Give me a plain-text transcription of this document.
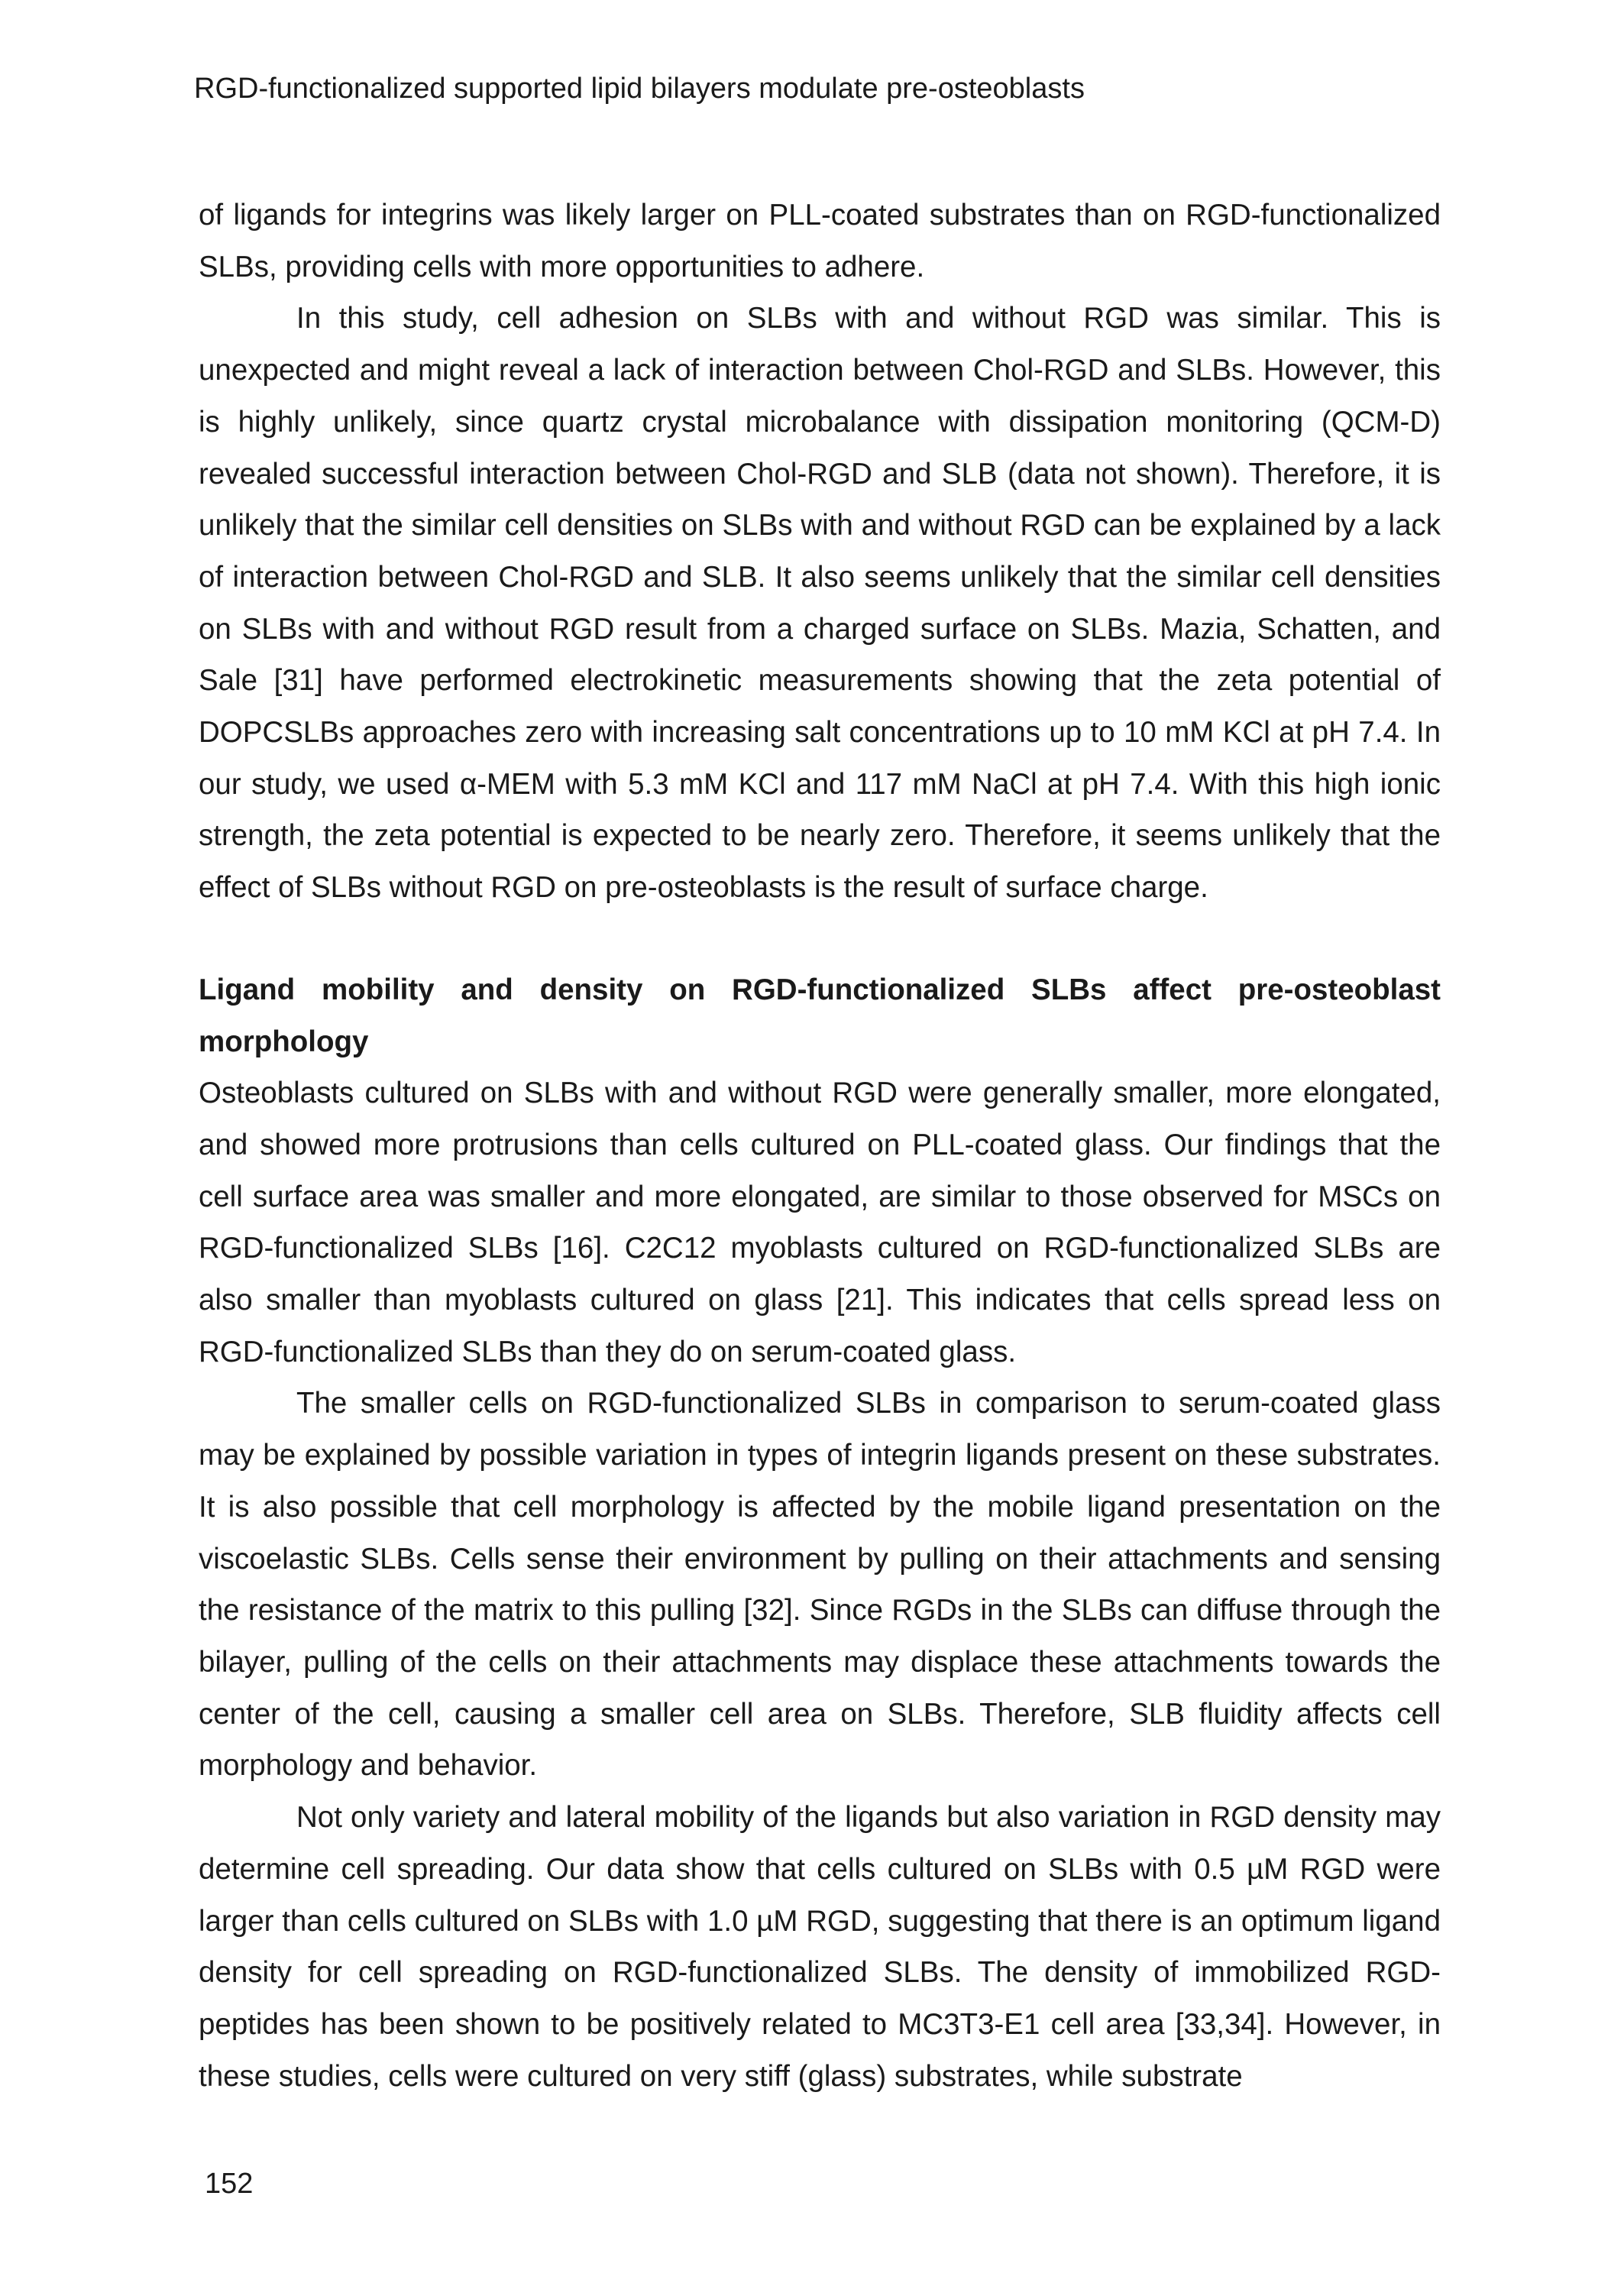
RGD-functionalized supported lipid bilayers modulate pre-osteoblasts

of ligands for integrins was likely larger on PLL-coated substrates than on RGD-functionalized SLBs, providing cells with more opportunities to adhere.

In this study, cell adhesion on SLBs with and without RGD was similar. This is unexpected and might reveal a lack of interaction between Chol-RGD and SLBs. However, this is highly unlikely, since quartz crystal microbalance with dissipation monitoring (QCM-D) revealed successful interaction between Chol-RGD and SLB (data not shown). Therefore, it is unlikely that the similar cell densities on SLBs with and without RGD can be explained by a lack of interaction between Chol-RGD and SLB. It also seems unlikely that the similar cell densities on SLBs with and without RGD result from a charged surface on SLBs. Mazia, Schatten, and Sale [31] have performed electrokinetic measurements showing that the zeta potential of DOPCSLBs approaches zero with increasing salt concentrations up to 10 mM KCl at pH 7.4. In our study, we used α-MEM with 5.3 mM KCl and 117 mM NaCl at pH 7.4. With this high ionic strength, the zeta potential is expected to be nearly zero. Therefore, it seems unlikely that the effect of SLBs without RGD on pre-osteoblasts is the result of surface charge.

Ligand mobility and density on RGD-functionalized SLBs affect pre-osteoblast morphology

Osteoblasts cultured on SLBs with and without RGD were generally smaller, more elongated, and showed more protrusions than cells cultured on PLL-coated glass. Our findings that the cell surface area was smaller and more elongated, are similar to those observed for MSCs on RGD-functionalized SLBs [16]. C2C12 myoblasts cultured on RGD-functionalized SLBs are also smaller than myoblasts cultured on glass [21]. This indicates that cells spread less on RGD-functionalized SLBs than they do on serum-coated glass.

The smaller cells on RGD-functionalized SLBs in comparison to serum-coated glass may be explained by possible variation in types of integrin ligands present on these substrates. It is also possible that cell morphology is affected by the mobile ligand presentation on the viscoelastic SLBs. Cells sense their environment by pulling on their attachments and sensing the resistance of the matrix to this pulling [32]. Since RGDs in the SLBs can diffuse through the bilayer, pulling of the cells on their attachments may displace these attachments towards the center of the cell, causing a smaller cell area on SLBs. Therefore, SLB fluidity affects cell morphology and behavior.

Not only variety and lateral mobility of the ligands but also variation in RGD density may determine cell spreading. Our data show that cells cultured on SLBs with 0.5 µM RGD were larger than cells cultured on SLBs with 1.0 µM RGD, suggesting that there is an optimum ligand density for cell spreading on RGD-functionalized SLBs. The density of immobilized RGD-peptides has been shown to be positively related to MC3T3-E1 cell area [33,34]. However, in these studies, cells were cultured on very stiff (glass) substrates, while substrate

152
